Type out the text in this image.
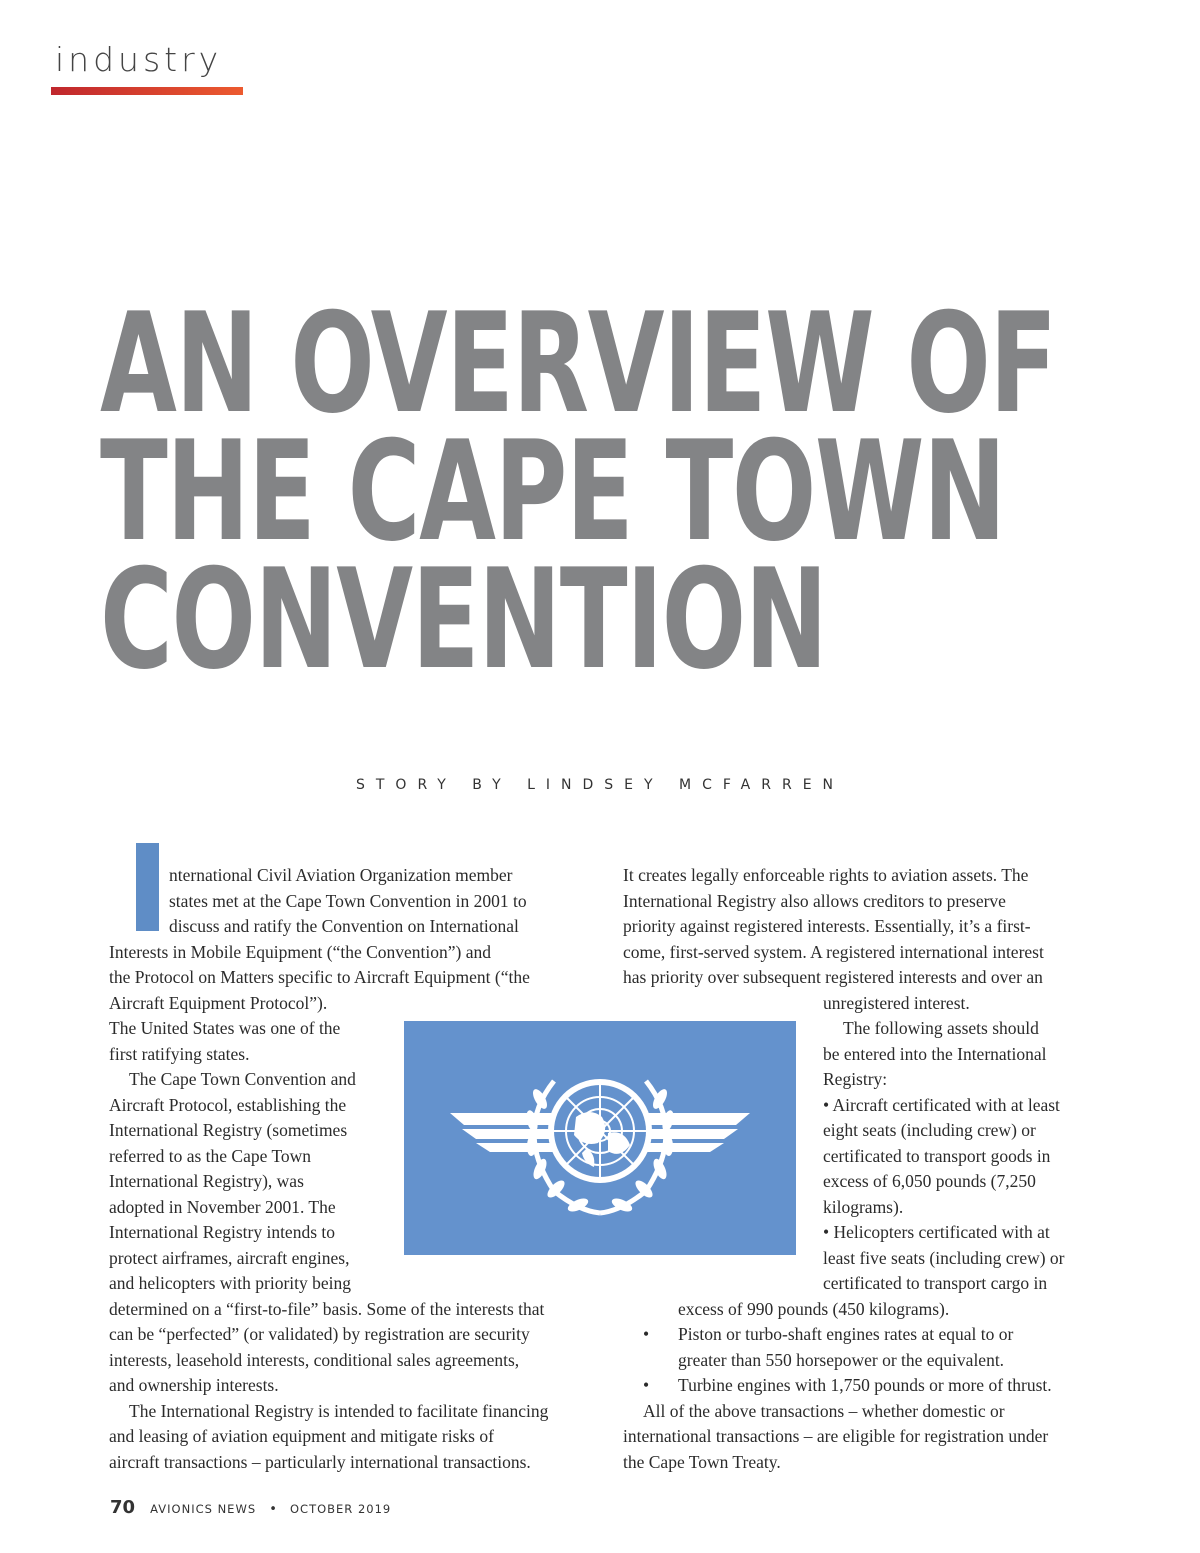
industry
AN OVERVIEW OF
THE CAPE TOWN
CONVENTION
STORY BY LINDSEY MCFARREN

nternational Civil Aviation Organization member

states met at the Cape Town Convention in 2001 to

discuss and ratify the Convention on International

Interests in Mobile Equipment (“the Convention”) and

the Protocol on Matters specific to Aircraft Equipment (“the

Aircraft Equipment Protocol”).

The United States was one of the

first ratifying states.

The Cape Town Convention and

Aircraft Protocol, establishing the

International Registry (sometimes

referred to as the Cape Town

International Registry), was

adopted in November 2001. The

International Registry intends to

protect airframes, aircraft engines,

and helicopters with priority being

determined on a “first-to-file” basis. Some of the interests that

can be “perfected” (or validated) by registration are security

interests, leasehold interests, conditional sales agreements,

and ownership interests.

The International Registry is intended to facilitate financing

and leasing of aviation equipment and mitigate risks of

aircraft transactions – particularly international transactions.

It creates legally enforceable rights to aviation assets. The

International Registry also allows creditors to preserve

priority against registered interests. Essentially, it’s a first-

come, first-served system. A registered international interest

has priority over subsequent registered interests and over an

unregistered interest.

The following assets should

be entered into the International

Registry:

• Aircraft certificated with at least

eight seats (including crew) or

certificated to transport goods in

excess of 6,050 pounds (7,250

kilograms).

• Helicopters certificated with at

least five seats (including crew) or

certificated to transport cargo in

excess of 990 pounds (450 kilograms).

• Piston or turbo-shaft engines rates at equal to or

greater than 550 horsepower or the equivalent.

• Turbine engines with 1,750 pounds or more of thrust.

All of the above transactions – whether domestic or

international transactions – are eligible for registration under

the Cape Town Treaty.

70 AVIONICS NEWS • OCTOBER 2019
